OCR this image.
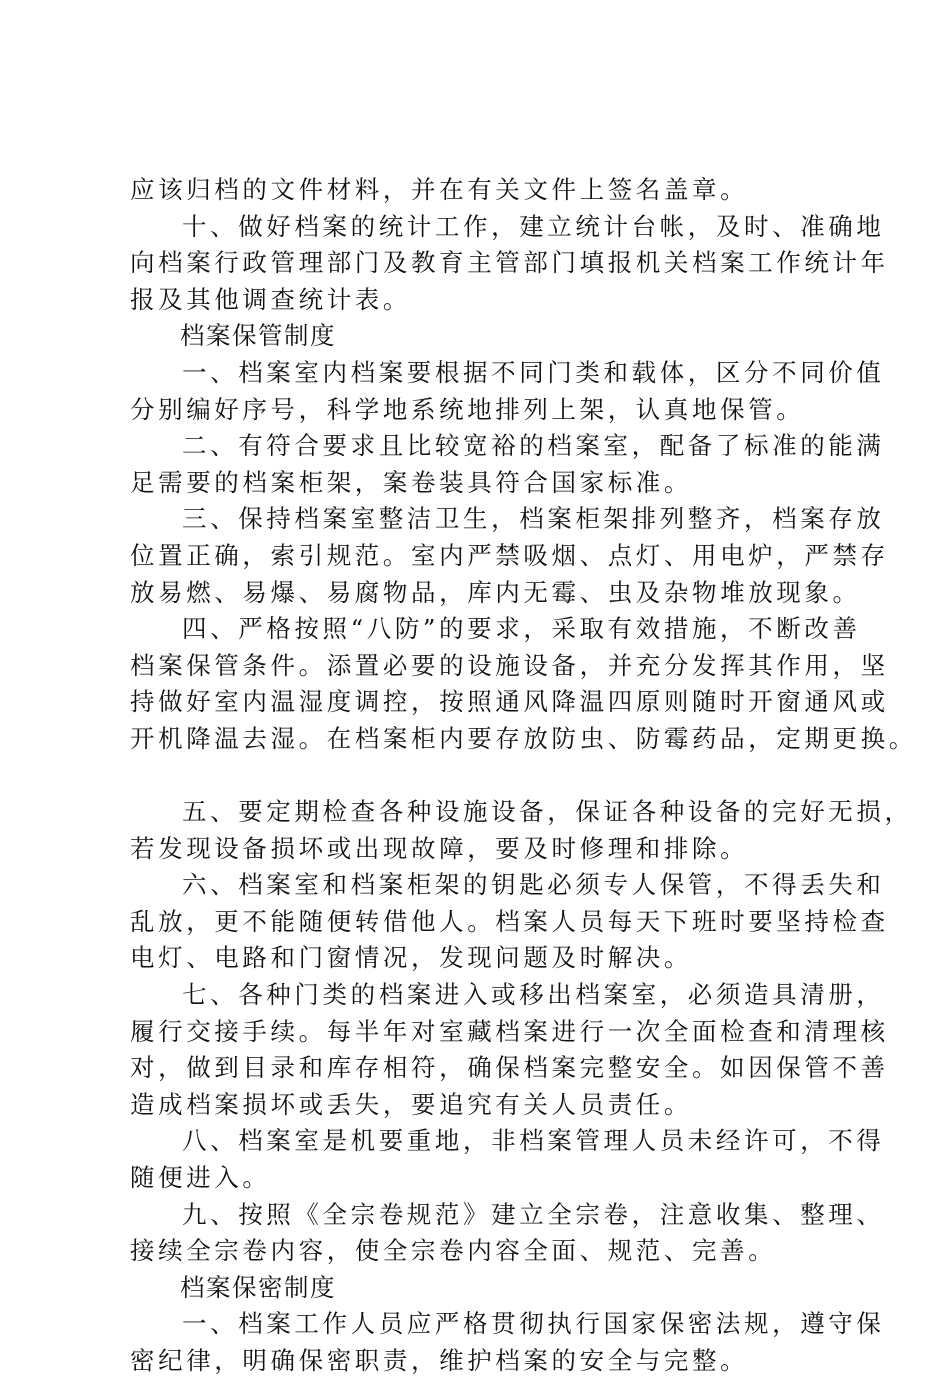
应该归档的文件材料，并在有关文件上签名盖章。
十、做好档案的统计工作，建立统计台帐，及时、准确地
向档案行政管理部门及教育主管部门填报机关档案工作统计年
报及其他调查统计表。
档案保管制度
一、档案室内档案要根据不同门类和载体，区分不同价值
分别编好序号，科学地系统地排列上架，认真地保管。
二、有符合要求且比较宽裕的档案室，配备了标准的能满
足需要的档案柜架，案卷装具符合国家标准。
三、保持档案室整洁卫生，档案柜架排列整齐，档案存放
位置正确，索引规范。室内严禁吸烟、点灯、用电炉，严禁存
放易燃、易爆、易腐物品，库内无霉、虫及杂物堆放现象。
四、严格按照“八防”的要求，采取有效措施，不断改善
档案保管条件。添置必要的设施设备，并充分发挥其作用，坚
持做好室内温湿度调控，按照通风降温四原则随时开窗通风或
开机降温去湿。在档案柜内要存放防虫、防霉药品，定期更换。
五、要定期检查各种设施设备，保证各种设备的完好无损，
若发现设备损坏或出现故障，要及时修理和排除。
六、档案室和档案柜架的钥匙必须专人保管，不得丢失和
乱放，更不能随便转借他人。档案人员每天下班时要坚持检查
电灯、电路和门窗情况，发现问题及时解决。
七、各种门类的档案进入或移出档案室，必须造具清册，
履行交接手续。每半年对室藏档案进行一次全面检查和清理核
对，做到目录和库存相符，确保档案完整安全。如因保管不善
造成档案损坏或丢失，要追究有关人员责任。
八、档案室是机要重地，非档案管理人员未经许可，不得
随便进入。
九、按照《全宗卷规范》建立全宗卷，注意收集、整理、
接续全宗卷内容，使全宗卷内容全面、规范、完善。
档案保密制度
一、档案工作人员应严格贯彻执行国家保密法规，遵守保
密纪律，明确保密职责，维护档案的安全与完整。
